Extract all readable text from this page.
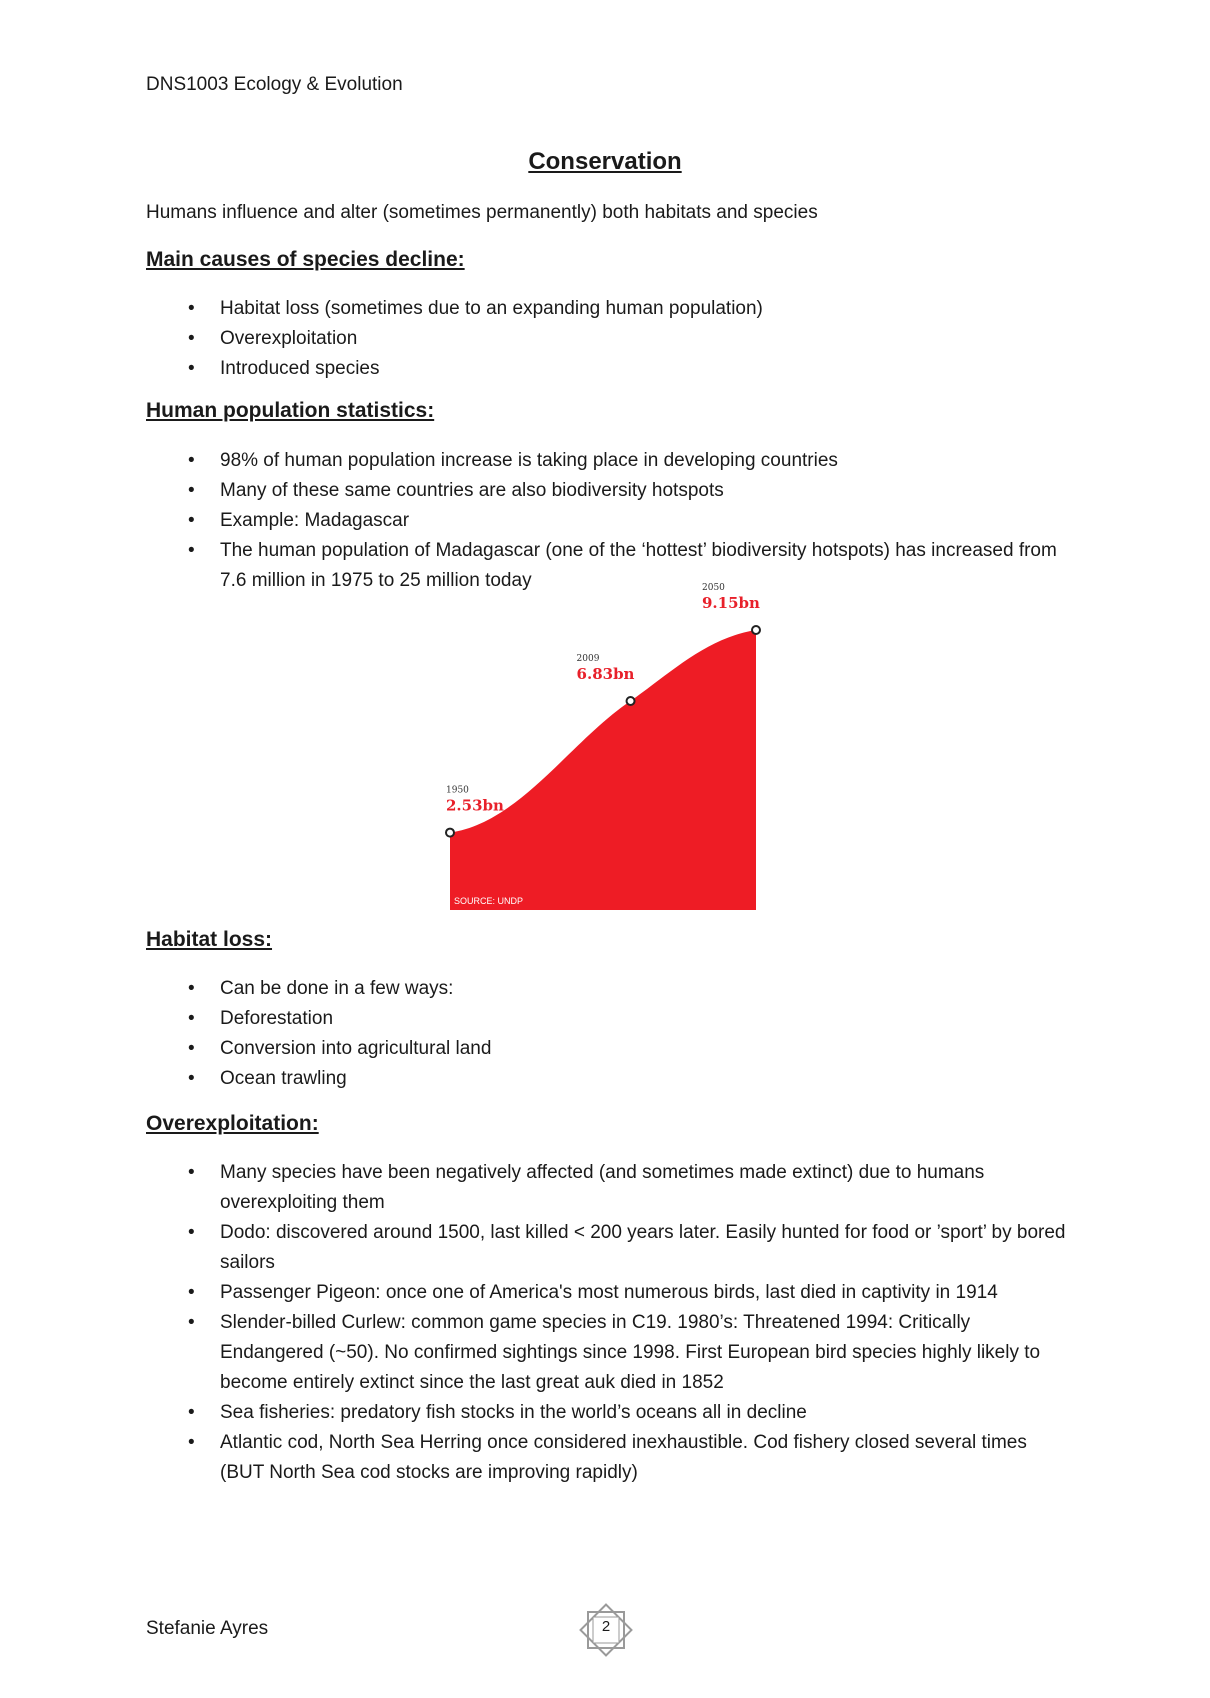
DNS1003 Ecology & Evolution
Conservation
Humans influence and alter (sometimes permanently) both habitats and species
Main causes of species decline:
• Habitat loss (sometimes due to an expanding human population)
• Overexploitation
• Introduced species
Human population statistics:
• 98% of human population increase is taking place in developing countries
• Many of these same countries are also biodiversity hotspots
• Example: Madagascar
• The human population of Madagascar (one of the ‘hottest’ biodiversity hotspots) has increased from 7.6 million in 1975 to 25 million today
1950
2.53bn
2009
6.83bn
2050
9.15bn
SOURCE: UNDP
Habitat loss:
• Can be done in a few ways:
• Deforestation
• Conversion into agricultural land
• Ocean trawling
Overexploitation:
• Many species have been negatively affected (and sometimes made extinct) due to humans overexploiting them
• Dodo: discovered around 1500, last killed < 200 years later. Easily hunted for food or ’sport’ by bored sailors
• Passenger Pigeon: once one of America's most numerous birds, last died in captivity in 1914
• Slender-billed Curlew: common game species in C19. 1980’s: Threatened 1994: Critically Endangered (~50). No confirmed sightings since 1998. First European bird species highly likely to become entirely extinct since the last great auk died in 1852
• Sea fisheries: predatory fish stocks in the world’s oceans all in decline
• Atlantic cod, North Sea Herring once considered inexhaustible. Cod fishery closed several times (BUT North Sea cod stocks are improving rapidly)
Stefanie Ayres	2
